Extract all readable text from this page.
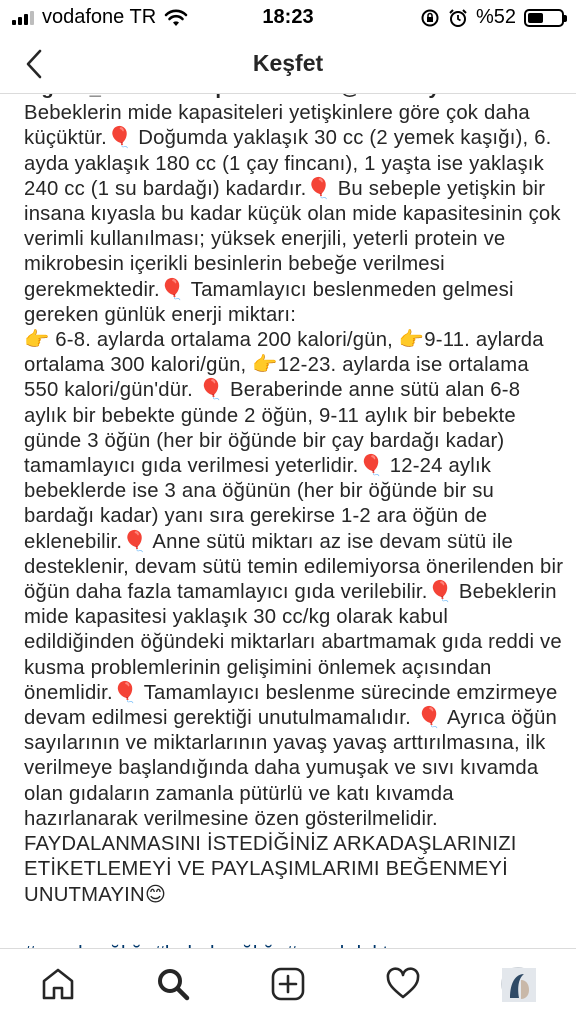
vodafone TR	18:23	%52
Keşfet

Bebeklerin mide kapasiteleri yetişkinlere göre çok daha küçüktür.🎈 Doğumda yaklaşık 30 cc (2 yemek kaşığı), 6. ayda yaklaşık 180 cc (1 çay fincanı), 1 yaşta ise yaklaşık 240 cc (1 su bardağı) kadardır.🎈 Bu sebeple yetişkin bir insana kıyasla bu kadar küçük olan mide kapasitesinin çok verimli kullanılması; yüksek enerjili, yeterli protein ve mikrobesin içerikli besinlerin bebeğe verilmesi gerekmektedir.🎈 Tamamlayıcı beslenmeden gelmesi gereken günlük enerji miktarı:
👉 6-8. aylarda ortalama 200 kalori/gün, 👉9-11. aylarda ortalama 300 kalori/gün, 👉12-23. aylarda ise ortalama 550 kalori/gün'dür. 🎈 Beraberinde anne sütü alan 6-8 aylık bir bebekte günde 2 öğün, 9-11 aylık bir bebekte günde 3 öğün (her bir öğünde bir çay bardağı kadar) tamamlayıcı gıda verilmesi yeterlidir.🎈 12-24 aylık bebeklerde ise 3 ana öğünün (her bir öğünde bir su bardağı kadar) yanı sıra gerekirse 1-2 ara öğün de eklenebilir.🎈 Anne sütü miktarı az ise devam sütü ile desteklenir, devam sütü temin edilemiyorsa önerilenden bir öğün daha fazla tamamlayıcı gıda verilebilir.🎈 Bebeklerin mide kapasitesi yaklaşık 30 cc/kg olarak kabul edildiğinden öğündeki miktarları abartmamak gıda reddi ve kusma problemlerinin gelişimini önlemek açısından önemlidir.🎈 Tamamlayıcı beslenme sürecinde emzirmeye devam edilmesi gerektiği unutulmamalıdır. 🎈 Ayrıca öğün sayılarının ve miktarlarının yavaş yavaş arttırılmasına, ilk verilmeye başlandığında daha yumuşak ve sıvı kıvamda olan gıdaların zamanla pütürlü ve katı kıvamda hazırlanarak verilmesine özen gösterilmelidir. FAYDALANMASINI İSTEDİĞİNİZ ARKADAŞLARINIZI ETİKETLEMEYİ VE PAYLAŞIMLARIMI BEĞENMEYİ UNUTMAYIN😊
